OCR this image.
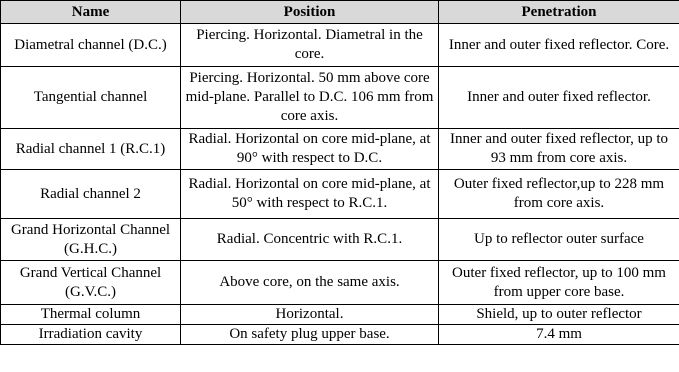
Name	Position	Penetration
Diametral channel (D.C.)	Piercing. Horizontal. Diametral in the core.	Inner and outer fixed reflector. Core.
Tangential channel	Piercing. Horizontal. 50 mm above core mid-plane. Parallel to D.C. 106 mm from core axis.	Inner and outer fixed reflector.
Radial channel 1 (R.C.1)	Radial. Horizontal on core mid-plane, at 90° with respect to D.C.	Inner and outer fixed reflector, up to 93 mm from core axis.
Radial channel 2	Radial. Horizontal on core mid-plane, at 50° with respect to R.C.1.	Outer fixed reflector,up to 228 mm from core axis.
Grand Horizontal Channel (G.H.C.)	Radial. Concentric with R.C.1.	Up to reflector outer surface
Grand Vertical Channel (G.V.C.)	Above core, on the same axis.	Outer fixed reflector, up to 100 mm from upper core base.
Thermal column	Horizontal.	Shield, up to outer reflector
Irradiation cavity	On safety plug upper base.	7.4 mm
